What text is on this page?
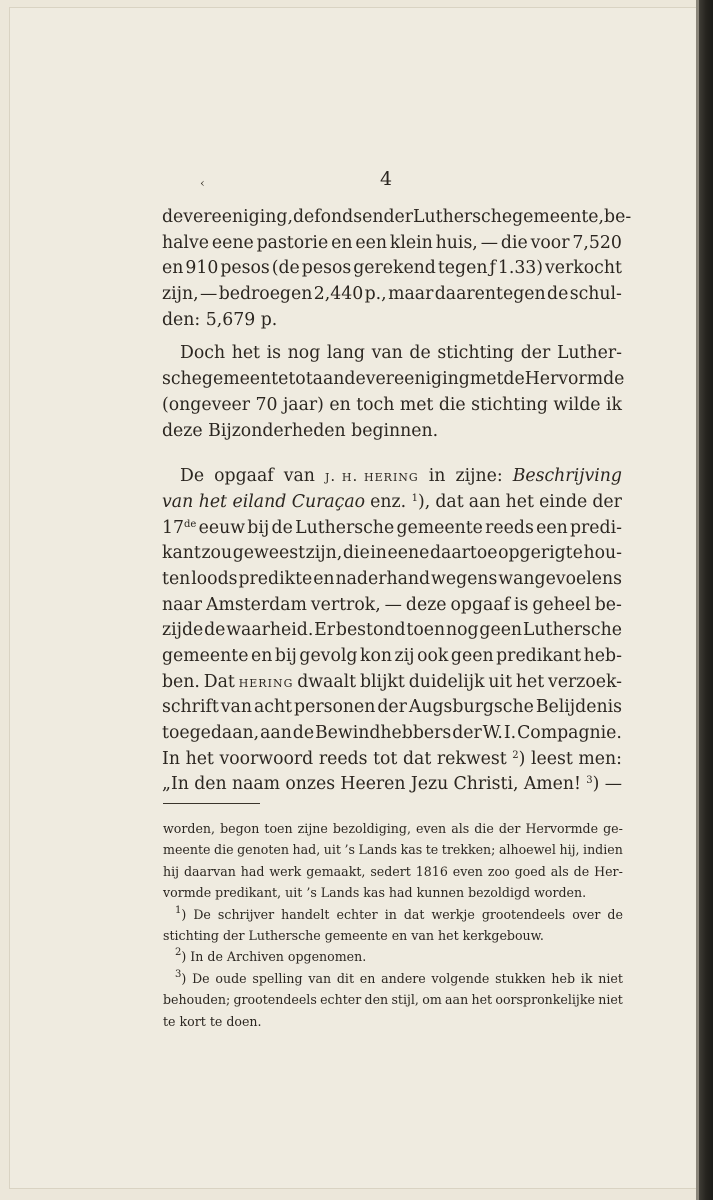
‹	4
de vereeniging, de fondsen der Luthersche gemeente, be-
halve eene pastorie en een klein huis, — die voor 7,520
en 910 pesos (de pesos gerekend tegen ƒ 1.33) verkocht
zijn, — bedroegen 2,440 p., maar daarentegen de schul-
den: 5,679 p.
Doch het is nog lang van de stichting der Luther-
sche gemeente tot aan de vereeniging met de Hervormde
(ongeveer 70 jaar) en toch met die stichting wilde ik
deze Bijzonderheden beginnen.
De opgaaf van j. h. hering in zijne: Beschrijving
van het eiland Curaçao enz. $^1$), dat aan het einde der
17de eeuw bij de Luthersche gemeente reeds een predi-
kant zou geweest zijn, die in eene daartoe opgerigte hou-
ten loods predikte en naderhand wegens wangevoelens
naar Amsterdam vertrok, — deze opgaaf is geheel be-
zijde de waarheid. Er bestond toen nog geen Luthersche
gemeente en bij gevolg kon zij ook geen predikant heb-
ben. Dat hering dwaalt blijkt duidelijk uit het verzoek-
schrift van acht personen der Augsburgsche Belijdenis
toegedaan, aan de Bewindhebbers der W. I. Compagnie.
In het voorwoord reeds tot dat rekwest $^2$) leest men:
„In den naam onzes Heeren Jezu Christi, Amen! $^3$) —
worden, begon toen zijne bezoldiging, even als die der Hervormde ge-
meente die genoten had, uit ’s Lands kas te trekken; alhoewel hij, indien
hij daarvan had werk gemaakt, sedert 1816 even zoo goed als de Her-
vormde predikant, uit ’s Lands kas had kunnen bezoldigd worden.
$^1$) De schrijver handelt echter in dat werkje grootendeels over de
stichting der Luthersche gemeente en van het kerkgebouw.
$^2$) In de Archiven opgenomen.
$^3$) De oude spelling van dit en andere volgende stukken heb ik niet
behouden; grootendeels echter den stijl, om aan het oorspronkelijke niet
te kort te doen.
